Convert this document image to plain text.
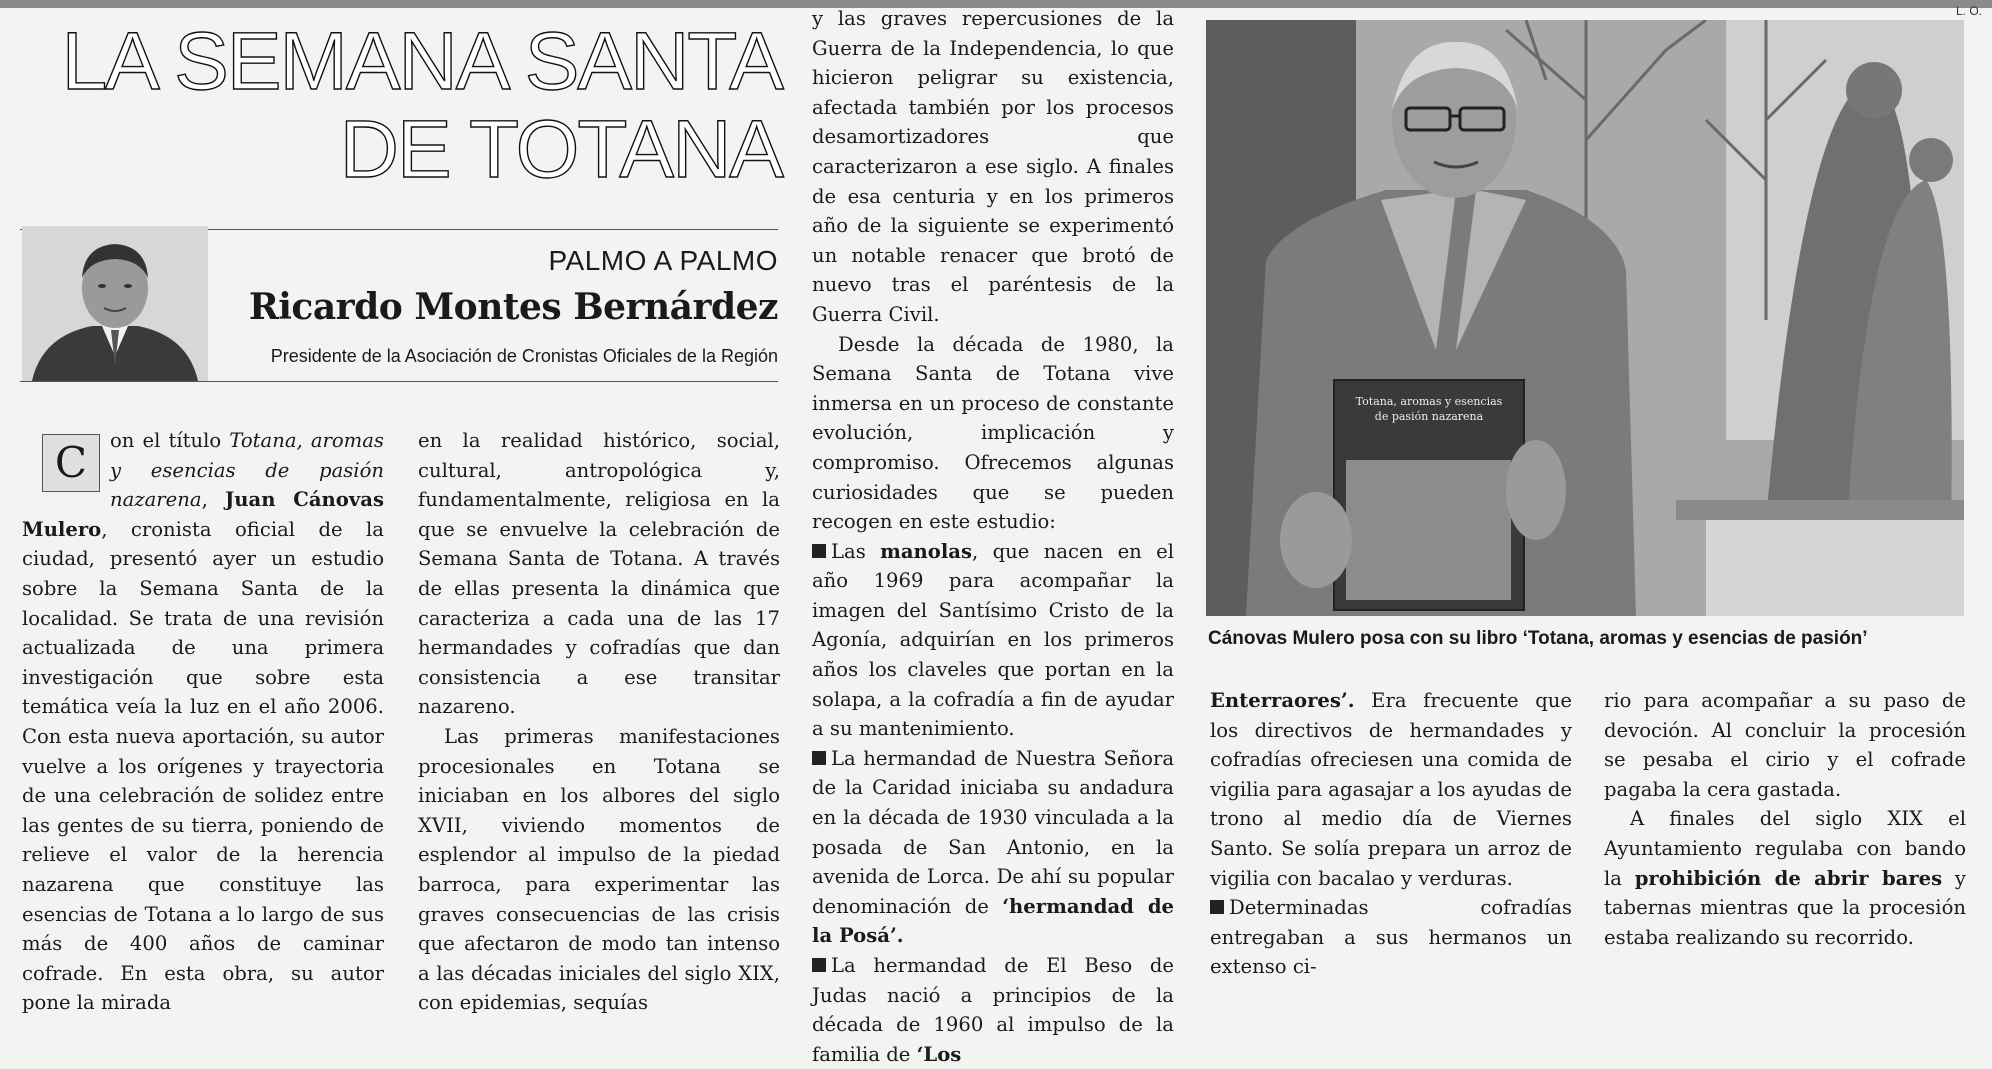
L. O.
LA SEMANA SANTA
DE TOTANA
PALMO A PALMO
Ricardo Montes Bernárdez
Presidente de la Asociación de Cronistas Oficiales de la Región

C	on el título Totana, aromas y esencias de pasión nazarena, Juan Cánovas Mulero, cronista oficial de la ciudad, presentó ayer un estudio sobre la Semana Santa de la localidad. Se trata de una revisión actualizada de una primera investigación que sobre esta temática veía la luz en el año 2006. Con esta nueva aportación, su autor vuelve a los orígenes y trayectoria de una celebración de solidez entre las gentes de su tierra, poniendo de relieve el valor de la herencia nazarena que constituye las esencias de Totana a lo largo de sus más de 400 años de caminar cofrade. En esta obra, su autor pone la mirada

en la realidad histórico, social, cultural, antropológica y, fundamentalmente, religiosa en la que se envuelve la celebración de Semana Santa de Totana. A través de ellas presenta la dinámica que caracteriza a cada una de las 17 hermandades y cofradías que dan consistencia a ese transitar nazareno.

Las primeras manifestaciones procesionales en Totana se iniciaban en los albores del siglo XVII, viviendo momentos de esplendor al impulso de la piedad barroca, para experimentar las graves consecuencias de las crisis que afectaron de modo tan intenso a las décadas iniciales del siglo XIX, con epidemias, sequías

y las graves repercusiones de la Guerra de la Independencia, lo que hicieron peligrar su existencia, afectada también por los procesos desamortizadores que caracterizaron a ese siglo. A finales de esa centuria y en los primeros año de la siguiente se experimentó un notable renacer que brotó de nuevo tras el paréntesis de la Guerra Civil.

Desde la década de 1980, la Semana Santa de Totana vive inmersa en un proceso de constante evolución, implicación y compromiso. Ofrecemos algunas curiosidades que se pueden recogen en este estudio:

Las manolas, que nacen en el año 1969 para acompañar la imagen del Santísimo Cristo de la Agonía, adquirían en los primeros años los claveles que portan en la solapa, a la cofradía a fin de ayudar a su mantenimiento.

La hermandad de Nuestra Señora de la Caridad iniciaba su andadura en la década de 1930 vinculada a la posada de San Antonio, en la avenida de Lorca. De ahí su popular denominación de ‘hermandad de la Posá’.

La hermandad de El Beso de Judas nació a principios de la década de 1960 al impulso de la familia de ‘Los

Totana, aromas y esencias
de pasión nazarena
Cánovas Mulero posa con su libro ‘Totana, aromas y esencias de pasión’

Enterraores’. Era frecuente que los directivos de hermandades y cofradías ofreciesen una comida de vigilia para agasajar a los ayudas de trono al medio día de Viernes Santo. Se solía prepara un arroz de vigilia con bacalao y verduras.

Determinadas cofradías entregaban a sus hermanos un extenso ci-

rio para acompañar a su paso de devoción. Al concluir la procesión se pesaba el cirio y el cofrade pagaba la cera gastada.

A finales del siglo XIX el Ayuntamiento regulaba con bando la prohibición de abrir bares y tabernas mientras que la procesión estaba realizando su recorrido.
